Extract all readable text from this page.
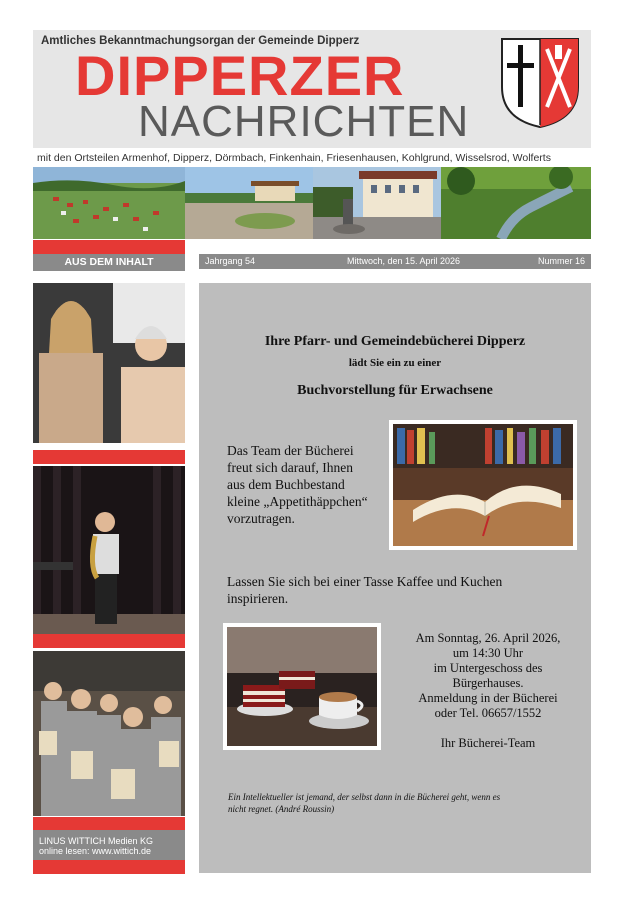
Amtliches Bekanntmachungsorgan der Gemeinde Dipperz
DIPPERZER
NACHRICHTEN
mit den Ortsteilen Armenhof, Dipperz, Dörmbach, Finkenhain, Friesenhausen, Kohlgrund, Wisselsrod, Wolferts
AUS DEM INHALT	Jahrgang 54	Mittwoch, den 15. April 2026	Nummer 16
LINUS WITTICH Medien KG
online lesen: www.wittich.de
Ihre Pfarr- und Gemeindebücherei Dipperz
lädt Sie ein zu einer
Buchvorstellung für Erwachsene
Das Team der Bücherei
freut sich darauf, Ihnen
aus dem Buchbestand
kleine „Appetithäppchen“
vorzutragen.
Lassen Sie sich bei einer Tasse Kaffee und Kuchen
inspirieren.
Am Sonntag, 26. April 2026,
um 14:30 Uhr
im Untergeschoss des
Bürgerhauses.
Anmeldung in der Bücherei
oder Tel. 06657/1552
Ihr Bücherei-Team
Ein Intellektueller ist jemand, der selbst dann in die Bücherei geht, wenn es
nicht regnet. (André Roussin)
